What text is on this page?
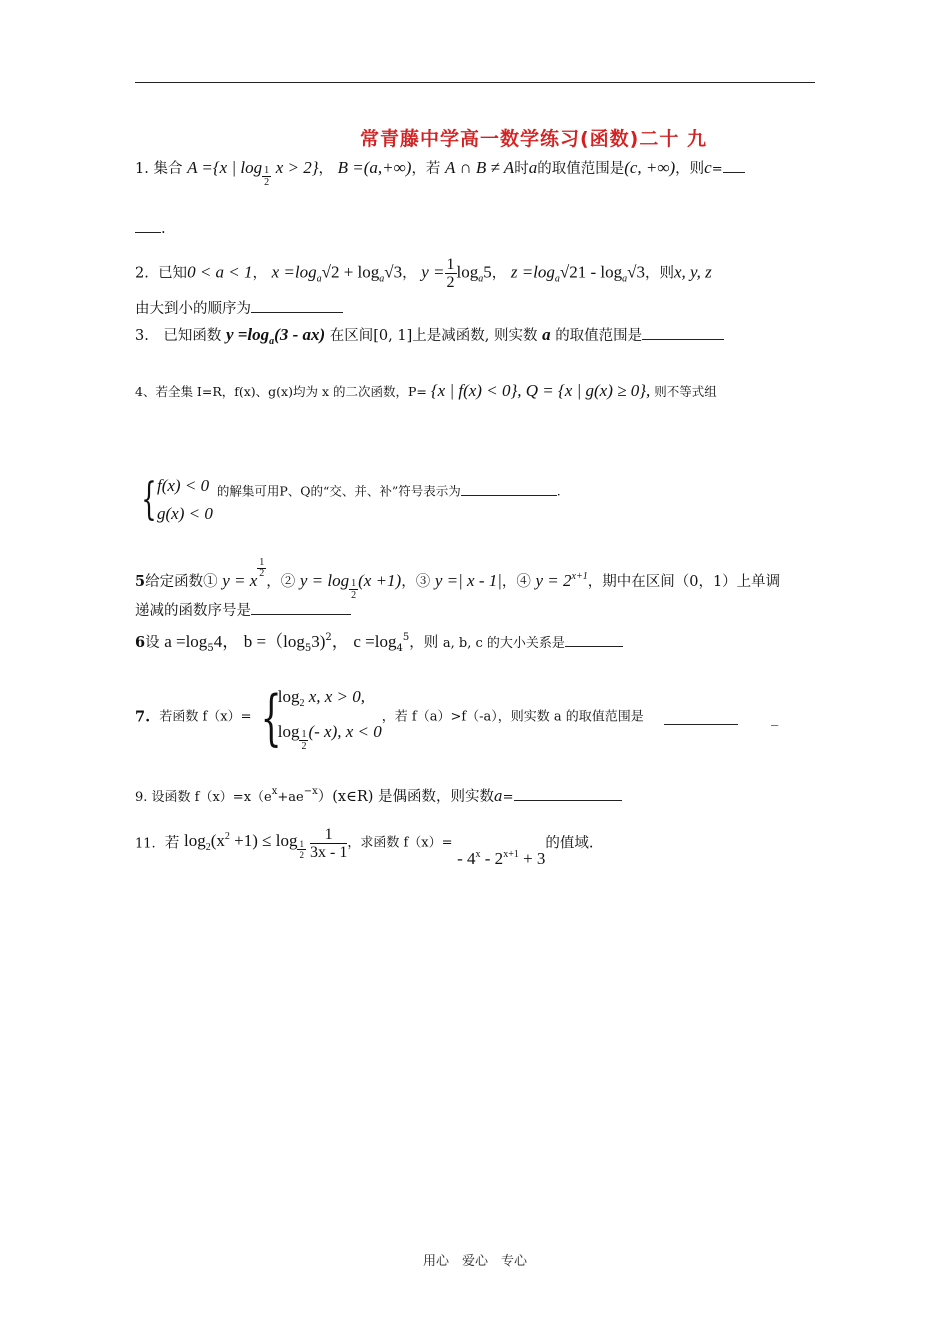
常青藤中学高一数学练习(函数)二十 九
1. 集合 A ={x | $\log \frac{1}{2}$ x > 2}， B =(a,+∞)，若 A ∩ B ≠ A时a的取值范围是(c, +∞)，则c=
.
2. 已知0 < a < 1， $x =\log_a√2 + \log_a√3$， $y = \frac{1}{2} \log_a5$， $z =\log_a√21 - \log_a√3$，则x, y, z
由大到小的顺序为
3.　已知函数 $y =\log_a(3 - ax)$ 在区间[0, 1]上是减函数, 则实数 a 的取值范围是
4、若全集 I=R，f(x)、g(x)均为 x 的二次函数，P= {x | f(x) < 0}, Q = {x | g(x) ≥ 0}, 则不等式组
{ f(x) < 0
g(x) < 0
的解集可用P、Q的“交、并、补”符号表示为	.
5给定函数① y = x
$\frac{1}{2}$
，② $y = \log \frac{1}{2} (x +1)$，③ y =| x - 1|，④ $y = 2^{x+1}$，期中在区间（0，1）上单调
递减的函数序号是
6设 $a =\log_54$， $b =(\log_53)^2$， $c =\log_4^5$，则 a, b, c 的大小关系是
7. 若函数 f（x）= {
$\log_2 x$, x > 0,
$\log \frac{1}{2}$ (- x), x < 0
，若 f（a）>f（-a），则实数 a 的取值范围是	_
9. 设函数 $f(x)=x(e^x+ae^{-x})(x\in R)$ 是偶函数，则实数a=
11. 若 $\log_2(x^2 +1) \le \log \frac{1}{2} \frac{1}{3x - 1}$ ，求函数 $f(x)= - 4^x - 2^{x+1} + 3$的值域.
用心　爱心　专心
